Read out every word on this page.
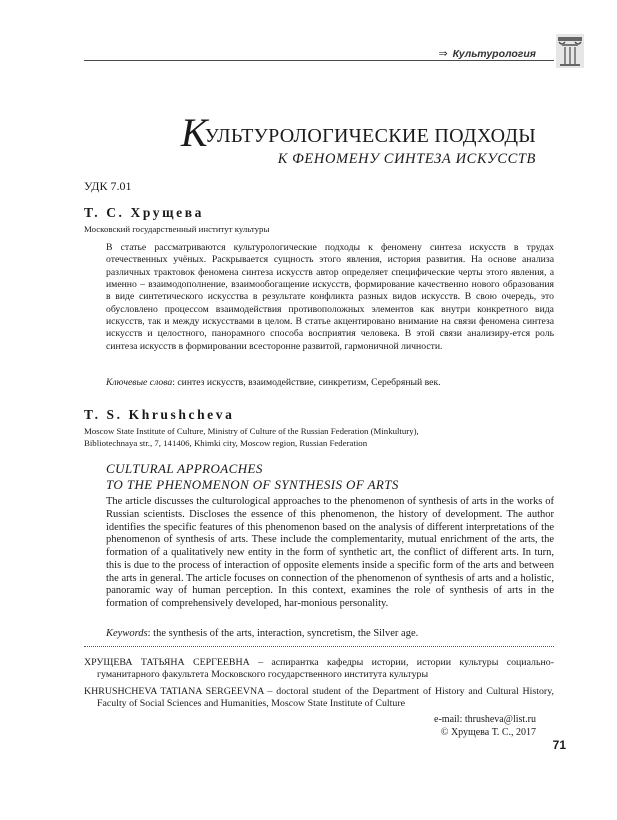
⇒ Культурология
КУЛЬТУРОЛОГИЧЕСКИЕ ПОДХОДЫ
К ФЕНОМЕНУ СИНТЕЗА ИСКУССТВ
УДК 7.01
Т. С. Хрущева
Московский государственный институт культуры

В статье рассматриваются культурологические подходы к феномену синтеза искусств в трудах отечественных учёных. Раскрывается сущность этого явления, история развития. На основе анализа различных трактовок феномена синтеза искусств автор определяет специфические черты этого явления, а именно – взаимодополнение, взаимообогащение искусств, формирование качественно нового образования в виде синтетического искусства в результате конфликта разных видов искусств. В свою очередь, это обусловлено процессом взаимодействия противоположных элементов как внутри конкретного вида искусств, так и между искусствами в целом. В статье акцентировано внимание на связи феномена синтеза искусств и целостного, панорамного способа восприятия человека. В этой связи анализиру-ется роль синтеза искусств в формировании всесторонне развитой, гармоничной личности.

Ключевые слова: синтез искусств, взаимодействие, синкретизм, Серебряный век.
T. S. Khrushcheva
Moscow State Institute of Culture, Ministry of Culture of the Russian Federation (Minkultury),
Bibliotechnaya str., 7, 141406, Khimki city, Moscow region, Russian Federation
CULTURAL APPROACHES
TO THE PHENOMENON OF SYNTHESIS OF ARTS

The article discusses the culturological approaches to the phenomenon of synthesis of arts in the works of Russian scientists. Discloses the essence of this phenomenon, the history of development. The author identifies the specific features of this phenomenon based on the analysis of different interpretations of the phenomenon of synthesis of arts. These include the complementarity, mutual enrichment of the arts, the formation of a qualitatively new entity in the form of synthetic art, the conflict of different arts. In turn, this is due to the process of interaction of opposite elements inside a specific form of the arts and between the arts in general. The article focuses on connection of the phenomenon of synthesis of arts and a holistic, panoramic way of human perception. In this context, examines the role of synthesis of arts in the formation of comprehensively developed, har-monious personality.

Keywords: the synthesis of the arts, interaction, syncretism, the Silver age.
ХРУЩЕВА ТАТЬЯНА СЕРГЕЕВНА – аспирантка кафедры истории, истории культуры социально-гуманитарного факультета Московского государственного института культуры
KHRUSHCHEVA TATIANA SERGEEVNA – doctoral student of the Department of History and Cultural History, Faculty of Social Sciences and Humanities, Moscow State Institute of Culture
e-mail: thrusheva@list.ru
© Хрущева Т. С., 2017
71
